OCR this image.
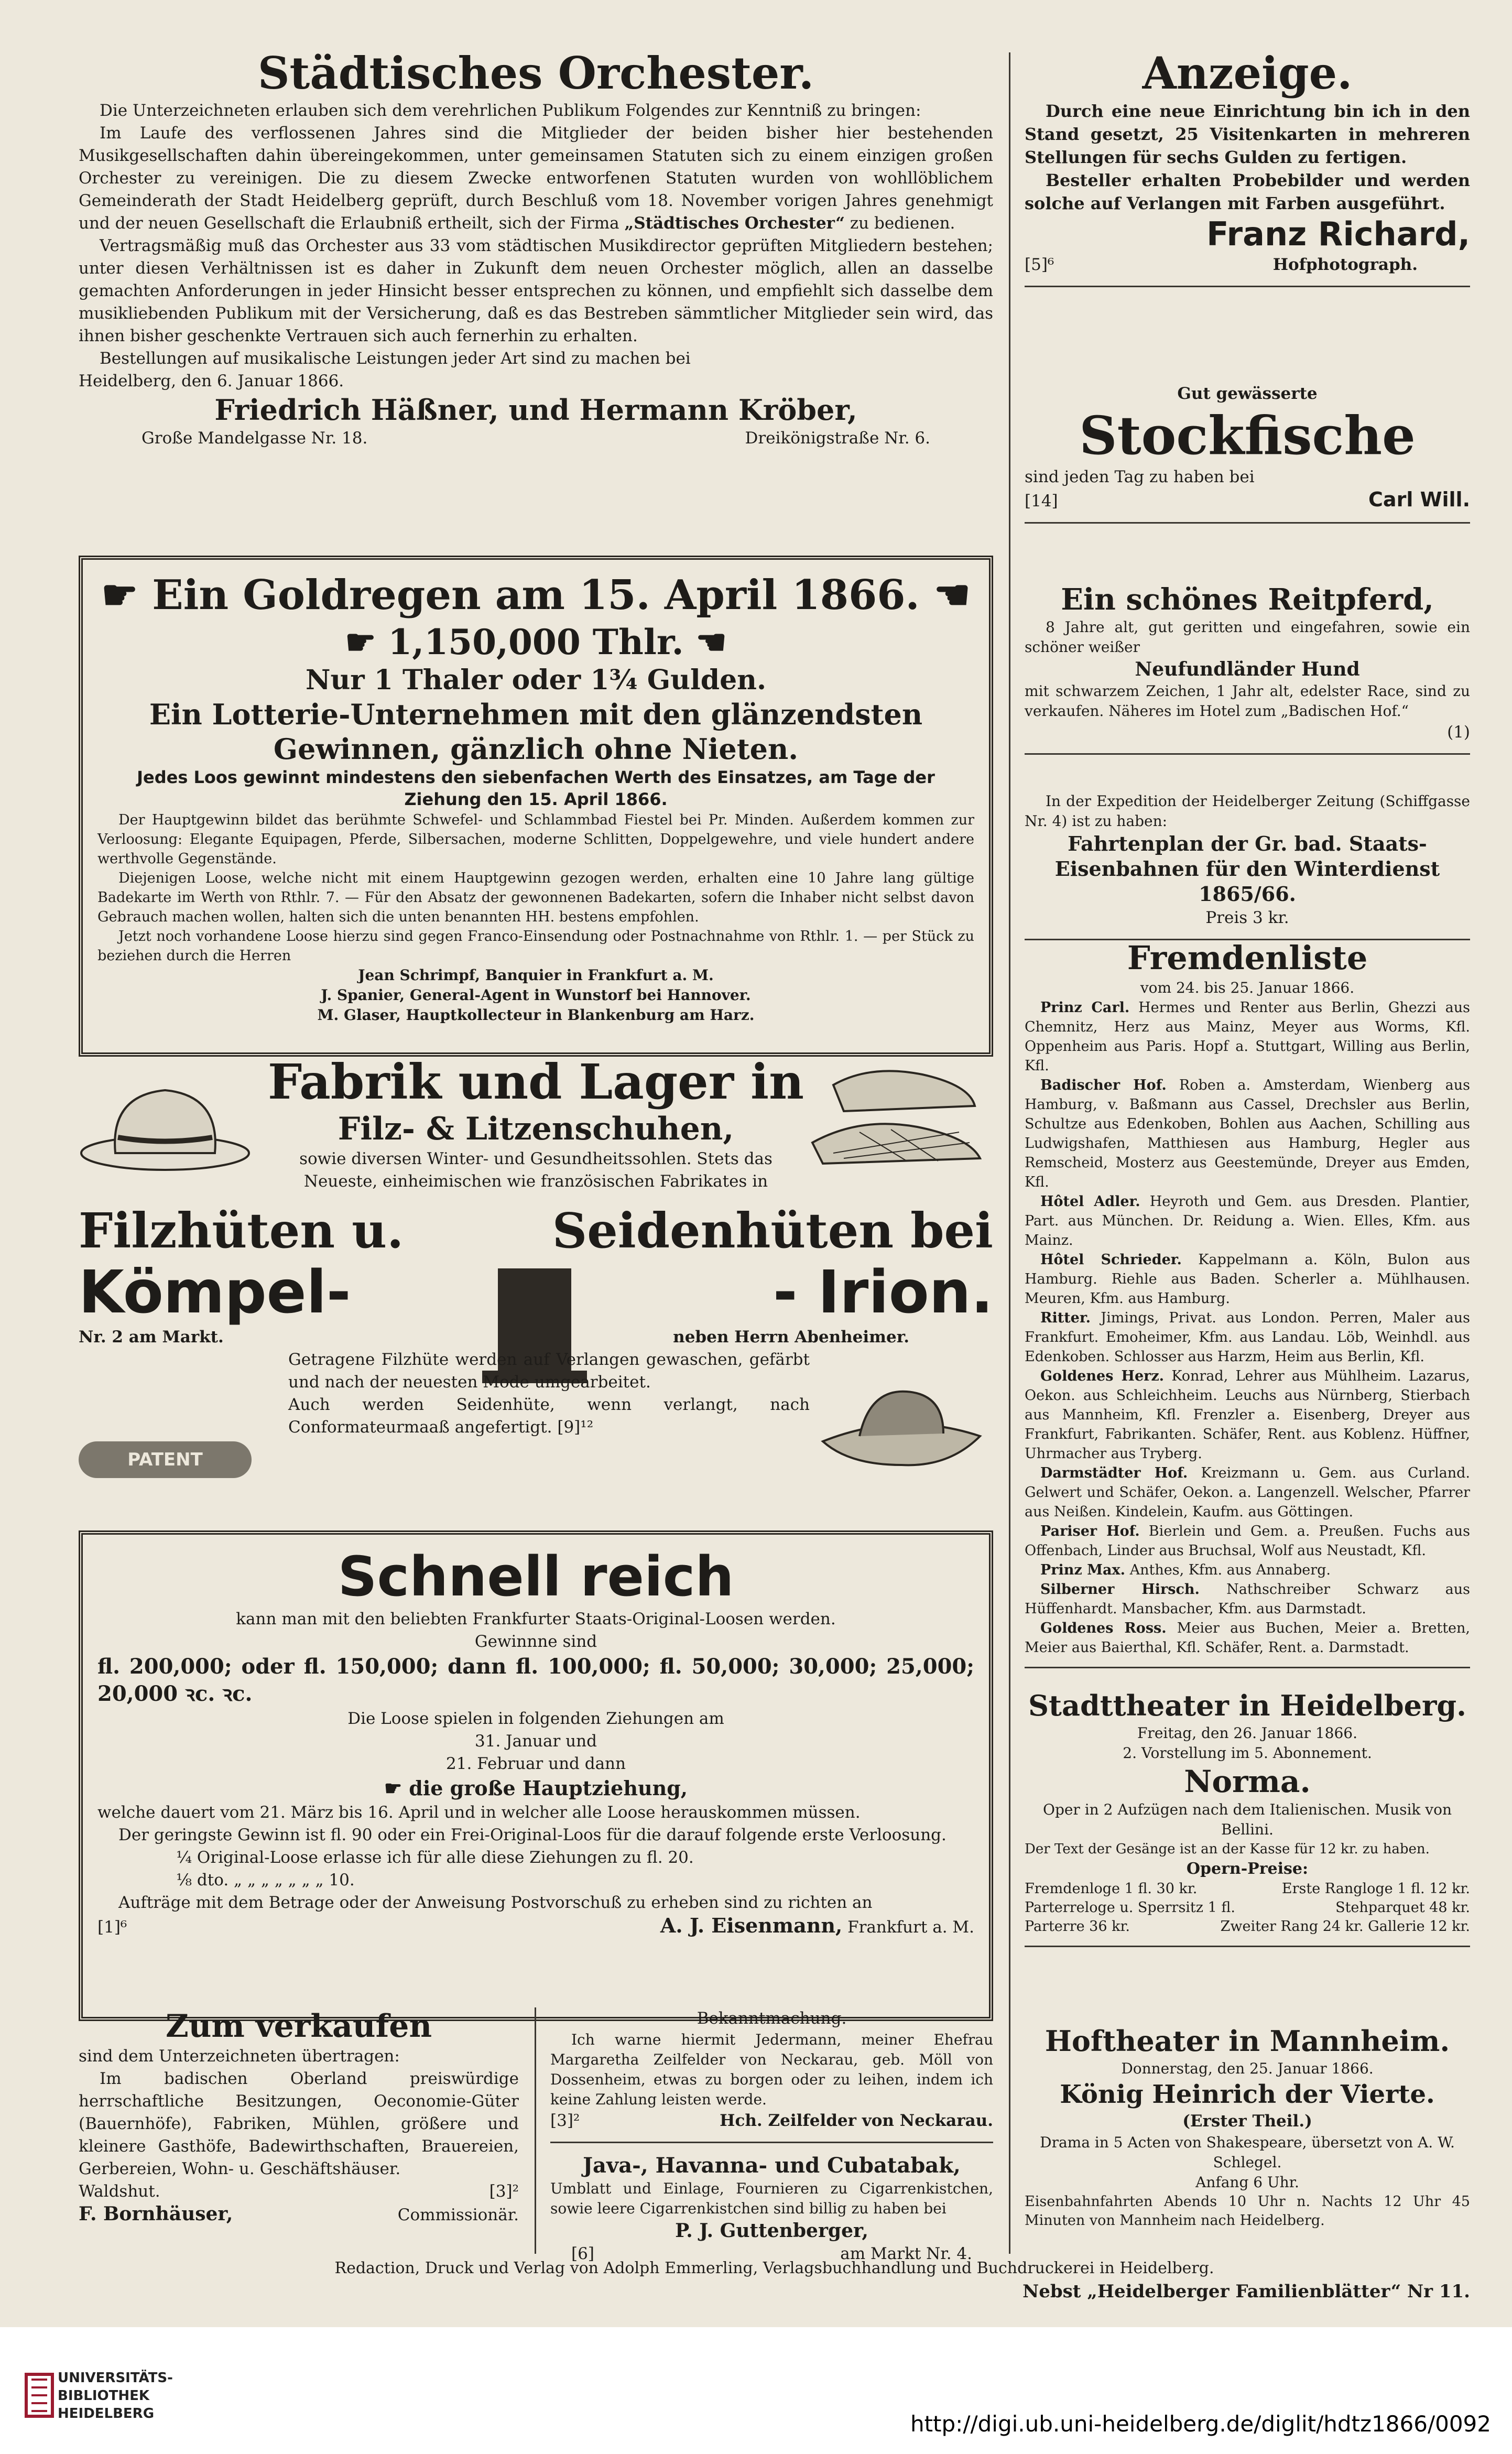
Städtisches Orchester.

Die Unterzeichneten erlauben sich dem verehrlichen Publikum Folgendes zur Kenntniß zu bringen:

Im Laufe des verflossenen Jahres sind die Mitglieder der beiden bisher hier bestehenden Musikgesellschaften dahin übereingekommen, unter gemeinsamen Statuten sich zu einem einzigen großen Orchester zu vereinigen. Die zu diesem Zwecke entworfenen Statuten wurden von wohllöblichem Gemeinderath der Stadt Heidelberg geprüft, durch Beschluß vom 18. November vorigen Jahres genehmigt und der neuen Gesellschaft die Erlaubniß ertheilt, sich der Firma „Städtisches Orchester“ zu bedienen.

Vertragsmäßig muß das Orchester aus 33 vom städtischen Musikdirector geprüften Mitgliedern bestehen; unter diesen Verhältnissen ist es daher in Zukunft dem neuen Orchester möglich, allen an dasselbe gemachten Anforderungen in jeder Hinsicht besser entsprechen zu können, und empfiehlt sich dasselbe dem musikliebenden Publikum mit der Versicherung, daß es das Bestreben sämmtlicher Mitglieder sein wird, das ihnen bisher geschenkte Vertrauen sich auch fernerhin zu erhalten.

Bestellungen auf musikalische Leistungen jeder Art sind zu machen bei

Heidelberg, den 6. Januar 1866.

Friedrich Häßner, und Hermann Kröber,

Große Mandelgasse Nr. 18.	Dreikönigstraße Nr. 6.
☛ Ein Goldregen am 15. April 1866. ☚
☛ 1,150,000 Thlr. ☚
Nur 1 Thaler oder 1¾ Gulden.
Ein Lotterie-Unternehmen mit den glänzendsten Gewinnen, gänzlich ohne Nieten.
Jedes Loos gewinnt mindestens den siebenfachen Werth des Einsatzes, am Tage der Ziehung den 15. April 1866.

Der Hauptgewinn bildet das berühmte Schwefel- und Schlammbad Fiestel bei Pr. Minden. Außerdem kommen zur Verloosung: Elegante Equipagen, Pferde, Silbersachen, moderne Schlitten, Doppelgewehre, und viele hundert andere werthvolle Gegenstände.

Diejenigen Loose, welche nicht mit einem Hauptgewinn gezogen werden, erhalten eine 10 Jahre lang gültige Badekarte im Werth von Rthlr. 7. — Für den Absatz der gewonnenen Badekarten, sofern die Inhaber nicht selbst davon Gebrauch machen wollen, halten sich die unten benannten HH. bestens empfohlen.

Jetzt noch vorhandene Loose hierzu sind gegen Franco-Einsendung oder Postnachnahme von Rthlr. 1. — per Stück zu beziehen durch die Herren

Jean Schrimpf, Banquier in Frankfurt a. M.

J. Spanier, General-Agent in Wunstorf bei Hannover.

M. Glaser, Hauptkollecteur in Blankenburg am Harz.

Fabrik und Lager in
Filz- & Litzenschuhen,

sowie diversen Winter- und Gesundheitssohlen. Stets das Neueste, einheimischen wie französischen Fabrikates in

Filzhüten u.	Seidenhüten bei
Kömpel-	- Irion.
Nr. 2 am Markt.	neben Herrn Abenheimer.

Getragene Filzhüte werden auf Verlangen gewaschen, gefärbt und nach der neuesten Mode umgearbeitet.

Auch werden Seidenhüte, wenn verlangt, nach Conformateurmaaß angefertigt. [9]¹²

PATENT
Schnell reich

kann man mit den beliebten Frankfurter Staats-Original-Loosen werden.

Gewinnne sind

fl. 200,000; oder fl. 150,000; dann fl. 100,000; fl. 50,000; 30,000; 25,000; 20,000 ꝛc. ꝛc.

Die Loose spielen in folgenden Ziehungen am

31. Januar und

21. Februar und dann

☛ die große Hauptziehung,

welche dauert vom 21. März bis 16. April und in welcher alle Loose herauskommen müssen.

Der geringste Gewinn ist fl. 90 oder ein Frei-Original-Loos für die darauf folgende erste Verloosung.

¼ Original-Loose erlasse ich für alle diese Ziehungen zu fl. 20.

⅛ dto. „ „ „ „ „ „ „ 10.

Aufträge mit dem Betrage oder der Anweisung Postvorschuß zu erheben sind zu richten an

[1]⁶	A. J. Eisenmann, Frankfurt a. M.
Zum verkaufen

sind dem Unterzeichneten übertragen:

Im badischen Oberland preiswürdige herrschaftliche Besitzungen, Oeconomie-Güter (Bauernhöfe), Fabriken, Mühlen, größere und kleinere Gasthöfe, Badewirthschaften, Brauereien, Gerbereien, Wohn- u. Geschäftshäuser.

Waldshut.	[3]²
F. Bornhäuser,	Commissionär.

Bekanntmachung.

Ich warne hiermit Jedermann, meiner Ehefrau Margaretha Zeilfelder von Neckarau, geb. Möll von Dossenheim, etwas zu borgen oder zu leihen, indem ich keine Zahlung leisten werde.

[3]²	Hch. Zeilfelder von Neckarau.
Java-, Havanna- und Cubatabak,

Umblatt und Einlage, Fournieren zu Cigarrenkistchen, sowie leere Cigarrenkistchen sind billig zu haben bei

P. J. Guttenberger,

[6]	am Markt Nr. 4.
Anzeige.

Durch eine neue Einrichtung bin ich in den Stand gesetzt, 25 Visitenkarten in mehreren Stellungen für sechs Gulden zu fertigen.

Besteller erhalten Probebilder und werden solche auf Verlangen mit Farben ausgeführt.

Franz Richard,

[5]⁶	Hofphotograph.

Gut gewässerte

Stockfische

sind jeden Tag zu haben bei

[14]	Carl Will.
Ein schönes Reitpferd,

8 Jahre alt, gut geritten und eingefahren, sowie ein schöner weißer

Neufundländer Hund

mit schwarzem Zeichen, 1 Jahr alt, edelster Race, sind zu verkaufen. Näheres im Hotel zum „Badischen Hof.“

(1)

In der Expedition der Heidelberger Zeitung (Schiffgasse Nr. 4) ist zu haben:

Fahrtenplan der Gr. bad. Staats-Eisenbahnen für den Winterdienst 1865/66.

Preis 3 kr.

Fremdenliste

vom 24. bis 25. Januar 1866.

Prinz Carl. Hermes und Renter aus Berlin, Ghezzi aus Chemnitz, Herz aus Mainz, Meyer aus Worms, Kfl. Oppenheim aus Paris. Hopf a. Stuttgart, Willing aus Berlin, Kfl.

Badischer Hof. Roben a. Amsterdam, Wienberg aus Hamburg, v. Baßmann aus Cassel, Drechsler aus Berlin, Schultze aus Edenkoben, Bohlen aus Aachen, Schilling aus Ludwigshafen, Matthiesen aus Hamburg, Hegler aus Remscheid, Mosterz aus Geestemünde, Dreyer aus Emden, Kfl.

Hôtel Adler. Heyroth und Gem. aus Dresden. Plantier, Part. aus München. Dr. Reidung a. Wien. Elles, Kfm. aus Mainz.

Hôtel Schrieder. Kappelmann a. Köln, Bulon aus Hamburg. Riehle aus Baden. Scherler a. Mühlhausen. Meuren, Kfm. aus Hamburg.

Ritter. Jimings, Privat. aus London. Perren, Maler aus Frankfurt. Emoheimer, Kfm. aus Landau. Löb, Weinhdl. aus Edenkoben. Schlosser aus Harzm, Heim aus Berlin, Kfl.

Goldenes Herz. Konrad, Lehrer aus Mühlheim. Lazarus, Oekon. aus Schleichheim. Leuchs aus Nürnberg, Stierbach aus Mannheim, Kfl. Frenzler a. Eisenberg, Dreyer aus Frankfurt, Fabrikanten. Schäfer, Rent. aus Koblenz. Hüffner, Uhrmacher aus Tryberg.

Darmstädter Hof. Kreizmann u. Gem. aus Curland. Gelwert und Schäfer, Oekon. a. Langenzell. Welscher, Pfarrer aus Neißen. Kindelein, Kaufm. aus Göttingen.

Pariser Hof. Bierlein und Gem. a. Preußen. Fuchs aus Offenbach, Linder aus Bruchsal, Wolf aus Neustadt, Kfl.

Prinz Max. Anthes, Kfm. aus Annaberg.

Silberner Hirsch. Nathschreiber Schwarz aus Hüffenhardt. Mansbacher, Kfm. aus Darmstadt.

Goldenes Ross. Meier aus Buchen, Meier a. Bretten, Meier aus Baierthal, Kfl. Schäfer, Rent. a. Darmstadt.

Stadttheater in Heidelberg.

Freitag, den 26. Januar 1866.

2. Vorstellung im 5. Abonnement.

Norma.

Oper in 2 Aufzügen nach dem Italienischen. Musik von Bellini.

Der Text der Gesänge ist an der Kasse für 12 kr. zu haben.

Opern-Preise:

Fremdenloge 1 fl. 30 kr.	Erste Rangloge 1 fl. 12 kr.
Parterreloge u. Sperrsitz 1 fl.	Stehparquet 48 kr.
Parterre 36 kr.	Zweiter Rang 24 kr. Gallerie 12 kr.
Hoftheater in Mannheim.

Donnerstag, den 25. Januar 1866.

König Heinrich der Vierte.

(Erster Theil.)

Drama in 5 Acten von Shakespeare, übersetzt von A. W. Schlegel.

Anfang 6 Uhr.

Eisenbahnfahrten Abends 10 Uhr n. Nachts 12 Uhr 45 Minuten von Mannheim nach Heidelberg.

Redaction, Druck und Verlag von Adolph Emmerling, Verlagsbuchhandlung und Buchdruckerei in Heidelberg.
Nebst „Heidelberger Familienblätter“ Nr 11.
UNIVERSITÄTS-
BIBLIOTHEK
HEIDELBERG	http://digi.ub.uni-heidelberg.de/diglit/hdtz1866/0092
